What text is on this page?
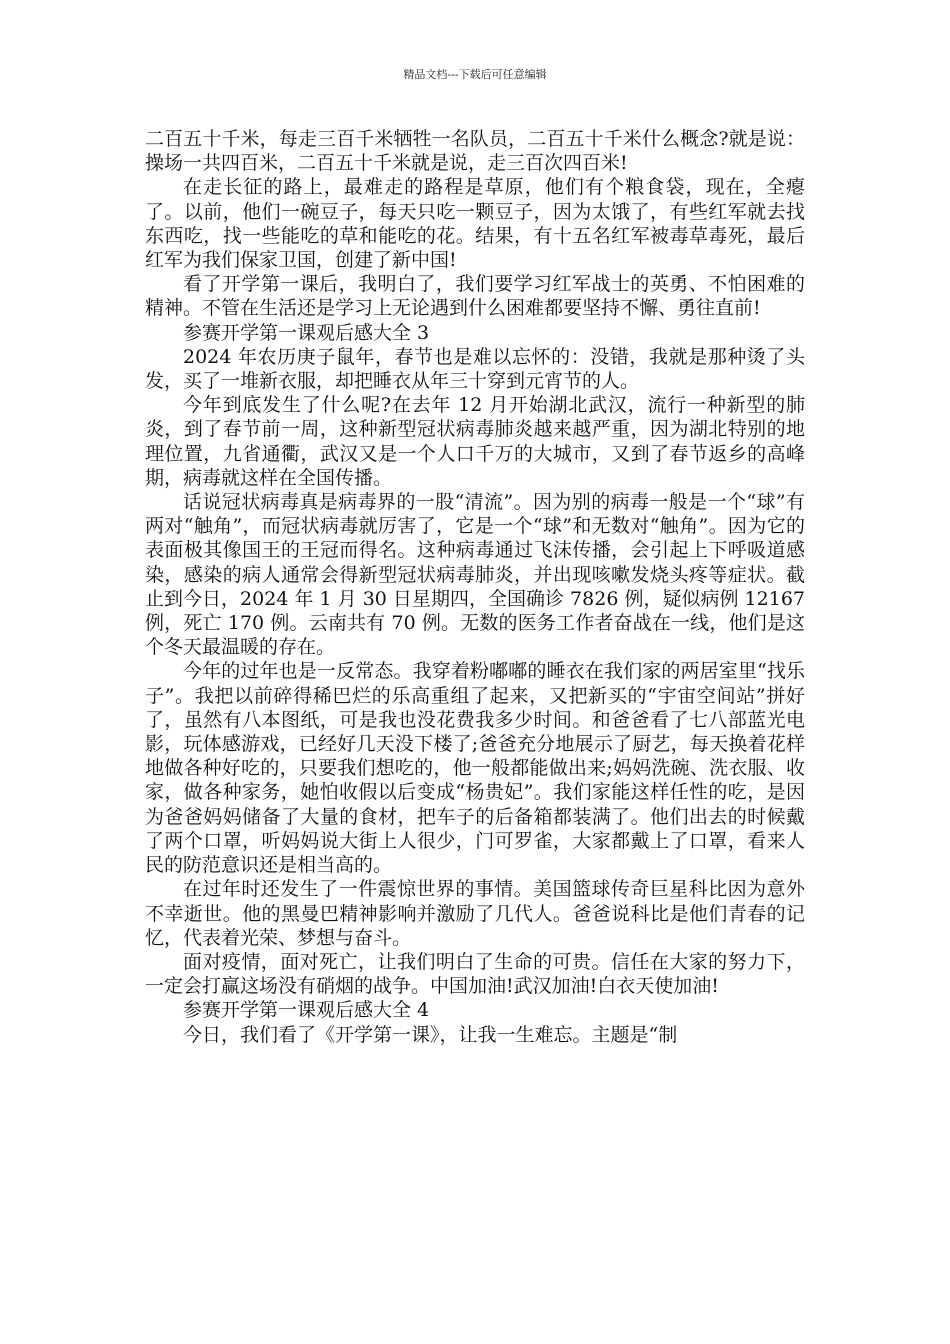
精品文档---下载后可任意编辑

二百五十千米，每走三百千米牺牲一名队员，二百五十千米什么概念?就是说：操场一共四百米，二百五十千米就是说，走三百次四百米!

在走长征的路上，最难走的路程是草原，他们有个粮食袋，现在，全瘪了。以前，他们一碗豆子，每天只吃一颗豆子，因为太饿了，有些红军就去找东西吃，找一些能吃的草和能吃的花。结果，有十五名红军被毒草毒死，最后红军为我们保家卫国，创建了新中国!

看了开学第一课后，我明白了，我们要学习红军战士的英勇、不怕困难的精神。不管在生活还是学习上无论遇到什么困难都要坚持不懈、勇往直前!

参赛开学第一课观后感大全 3

2024 年农历庚子鼠年，春节也是难以忘怀的：没错，我就是那种烫了头发，买了一堆新衣服，却把睡衣从年三十穿到元宵节的人。

今年到底发生了什么呢?在去年 12 月开始湖北武汉，流行一种新型的肺炎，到了春节前一周，这种新型冠状病毒肺炎越来越严重，因为湖北特别的地理位置，九省通衢，武汉又是一个人口千万的大城市，又到了春节返乡的高峰期，病毒就这样在全国传播。

话说冠状病毒真是病毒界的一股“清流”。因为别的病毒一般是一个“球”有两对“触角”，而冠状病毒就厉害了，它是一个“球”和无数对“触角”。因为它的表面极其像国王的王冠而得名。这种病毒通过飞沫传播，会引起上下呼吸道感染，感染的病人通常会得新型冠状病毒肺炎，并出现咳嗽发烧头疼等症状。截止到今日，2024 年 1 月 30 日星期四，全国确诊 7826 例，疑似病例 12167 例，死亡 170 例。云南共有 70 例。无数的医务工作者奋战在一线，他们是这个冬天最温暖的存在。

今年的过年也是一反常态。我穿着粉嘟嘟的睡衣在我们家的两居室里“找乐子”。我把以前碎得稀巴烂的乐高重组了起来，又把新买的“宇宙空间站”拼好了，虽然有八本图纸，可是我也没花费我多少时间。和爸爸看了七八部蓝光电影，玩体感游戏，已经好几天没下楼了;爸爸充分地展示了厨艺，每天换着花样地做各种好吃的，只要我们想吃的，他一般都能做出来;妈妈洗碗、洗衣服、收家，做各种家务，她怕收假以后变成“杨贵妃”。我们家能这样任性的吃，是因为爸爸妈妈储备了大量的食材，把车子的后备箱都装满了。他们出去的时候戴了两个口罩，听妈妈说大街上人很少，门可罗雀，大家都戴上了口罩，看来人民的防范意识还是相当高的。

在过年时还发生了一件震惊世界的事情。美国篮球传奇巨星科比因为意外不幸逝世。他的黑曼巴精神影响并激励了几代人。爸爸说科比是他们青春的记忆，代表着光荣、梦想与奋斗。

面对疫情，面对死亡，让我们明白了生命的可贵。信任在大家的努力下，一定会打赢这场没有硝烟的战争。中国加油!武汉加油!白衣天使加油!

参赛开学第一课观后感大全 4

今日，我们看了《开学第一课》，让我一生难忘。主题是“制
